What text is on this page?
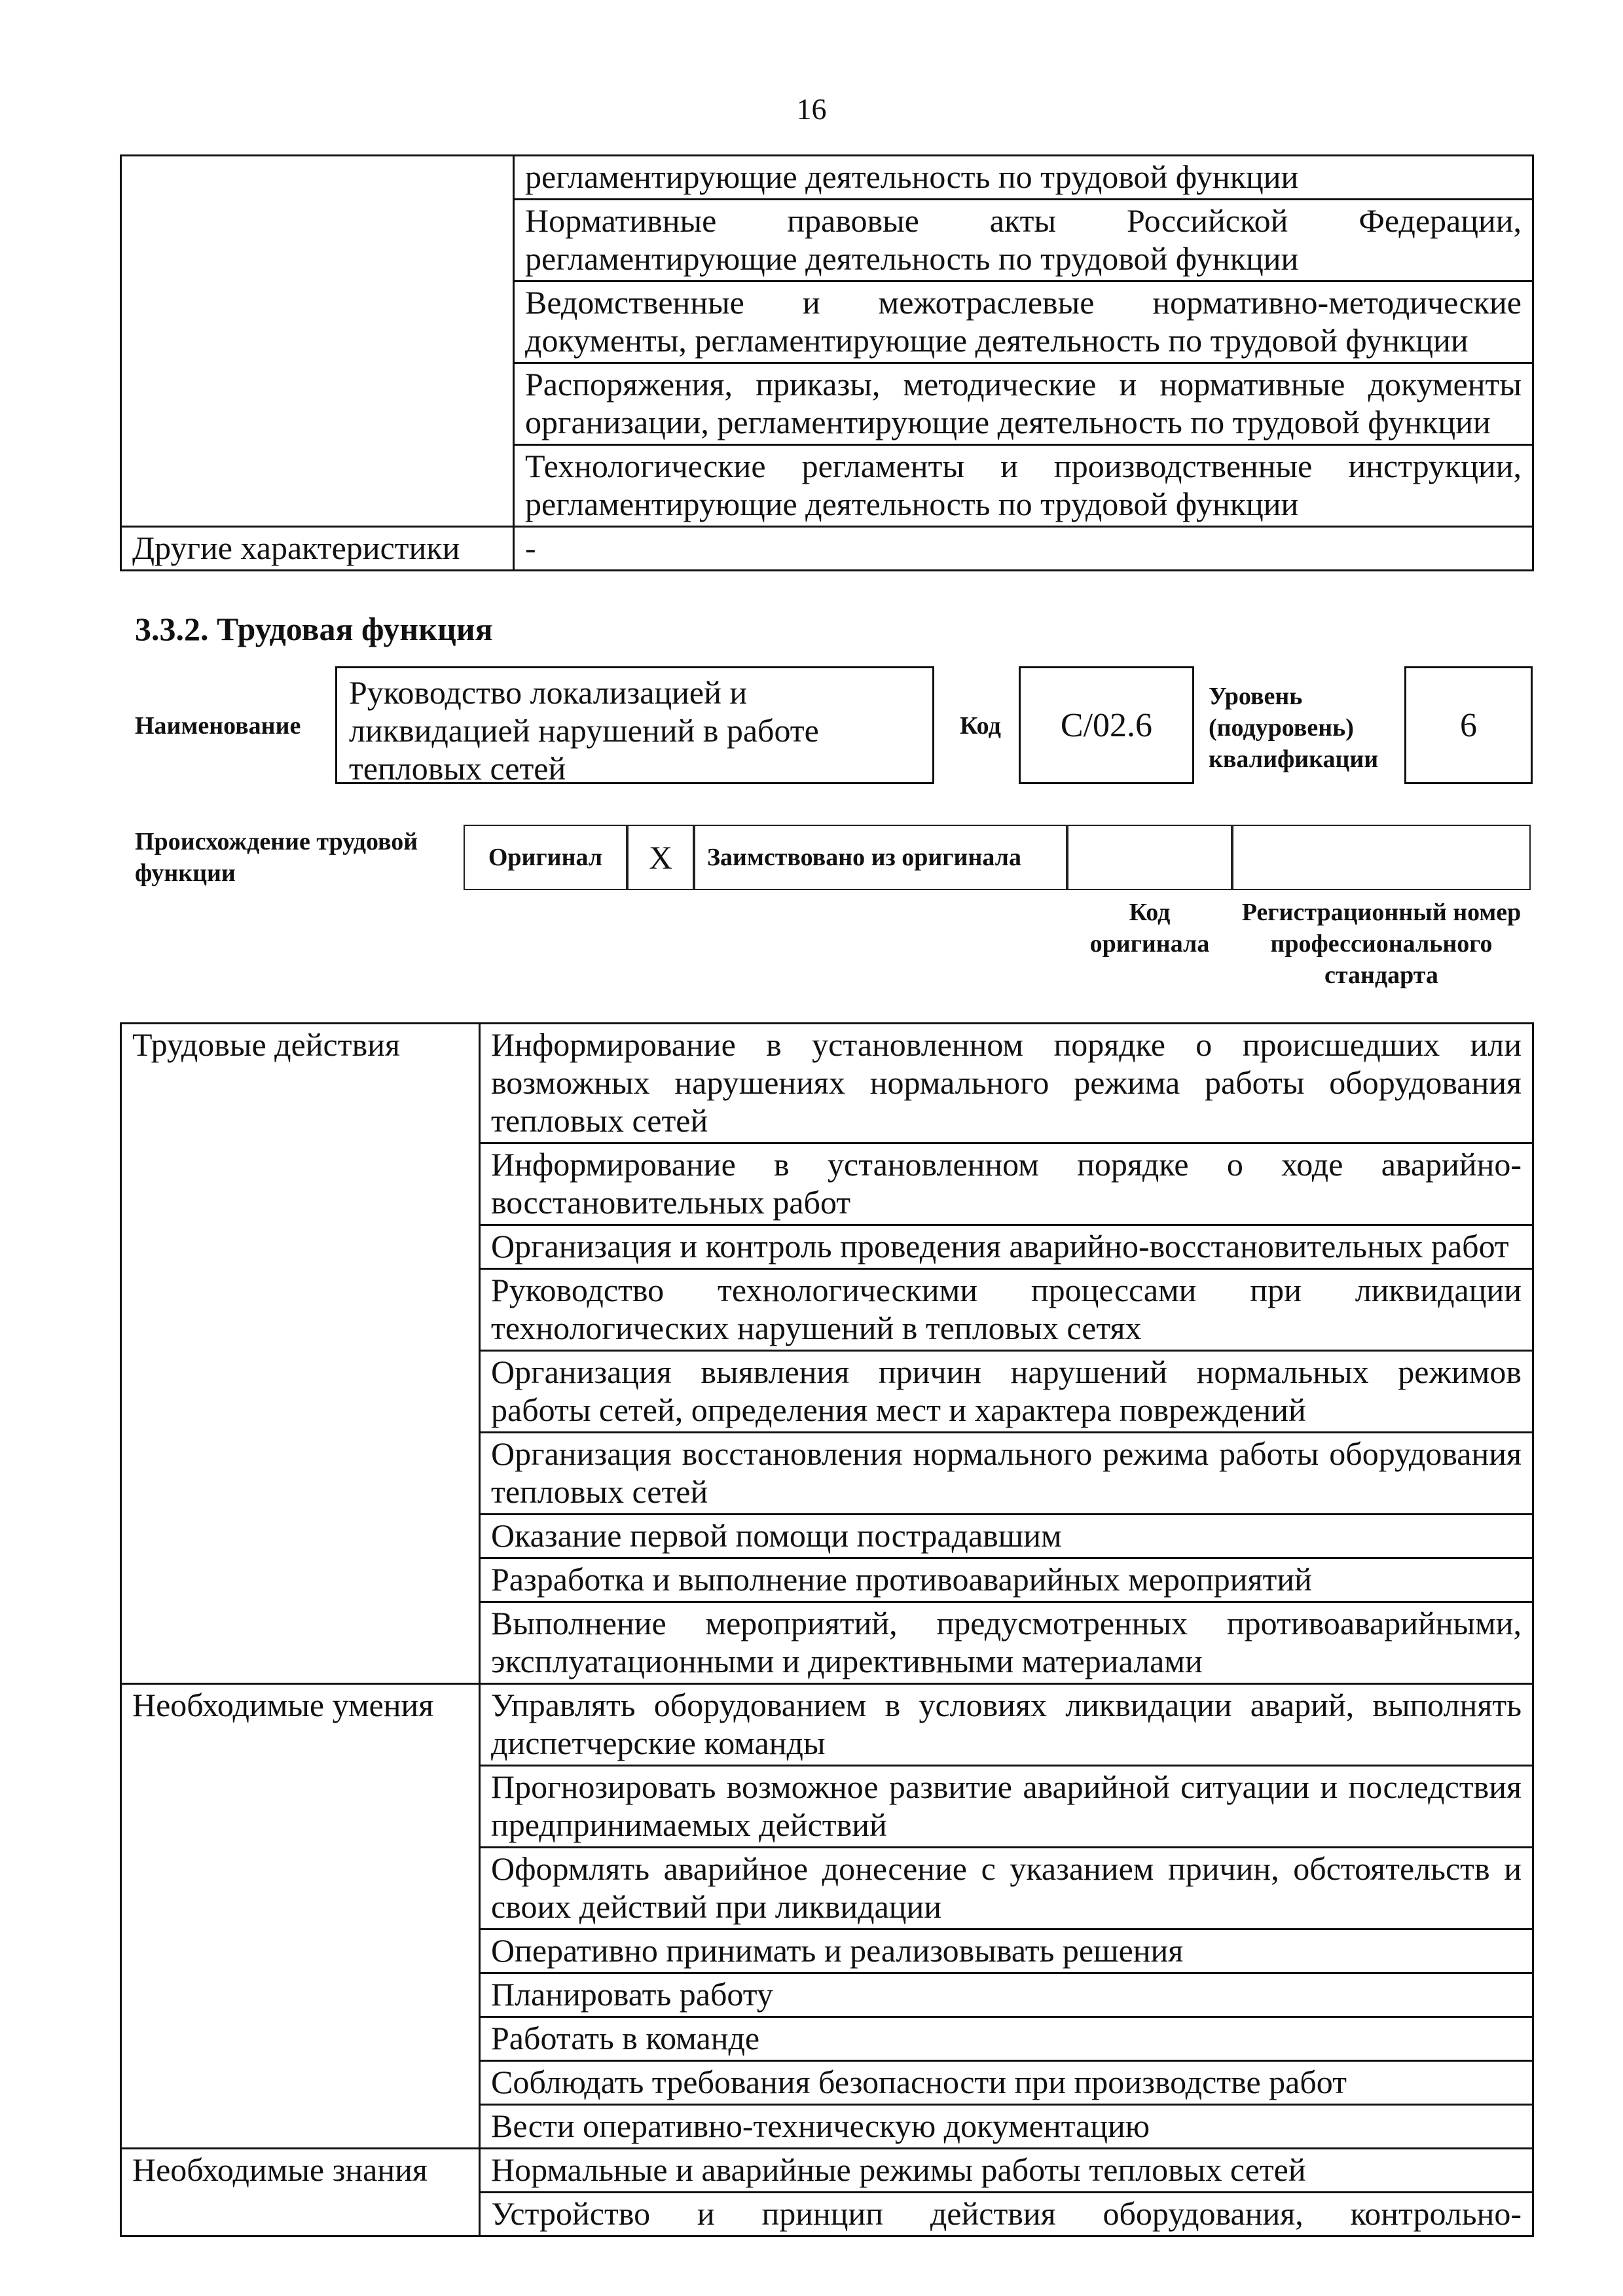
16
	регламентирующие деятельность по трудовой функции
	Нормативные правовые акты Российской Федерации, регламентирующие деятельность по трудовой функции
	Ведомственные и межотраслевые нормативно-методические документы, регламентирующие деятельность по трудовой функции
	Распоряжения, приказы, методические и нормативные документы организации, регламентирующие деятельность по трудовой функции
	Технологические регламенты и производственные инструкции, регламентирующие деятельность по трудовой функции
Другие характеристики	-
3.3.2. Трудовая функция
Наименование
Руководство локализацией и ликвидацией нарушений в работе тепловых сетей
Код	C/02.6
Уровень (подуровень) квалификации
6
Происхождение трудовой функции
Оригинал	X	Заимствовано из оригинала
Код оригинала
Регистрационный номер профессионального стандарта
Трудовые действия	Информирование в установленном порядке о происшедших или возможных нарушениях нормального режима работы оборудования тепловых сетей
	Информирование в установленном порядке о ходе аварийно-восстановительных работ
	Организация и контроль проведения аварийно-восстановительных работ
	Руководство технологическими процессами при ликвидации технологических нарушений в тепловых сетях
	Организация выявления причин нарушений нормальных режимов работы сетей, определения мест и характера повреждений
	Организация восстановления нормального режима работы оборудования тепловых сетей
	Оказание первой помощи пострадавшим
	Разработка и выполнение противоаварийных мероприятий
	Выполнение мероприятий, предусмотренных противоаварийными, эксплуатационными и директивными материалами
Необходимые умения	Управлять оборудованием в условиях ликвидации аварий, выполнять диспетчерские команды
	Прогнозировать возможное развитие аварийной ситуации и последствия предпринимаемых действий
	Оформлять аварийное донесение с указанием причин, обстоятельств и своих действий при ликвидации
	Оперативно принимать и реализовывать решения
	Планировать работу
	Работать в команде
	Соблюдать требования безопасности при производстве работ
	Вести оперативно-техническую документацию
Необходимые знания	Нормальные и аварийные режимы работы тепловых сетей
	Устройство и принцип действия оборудования, контрольно-
